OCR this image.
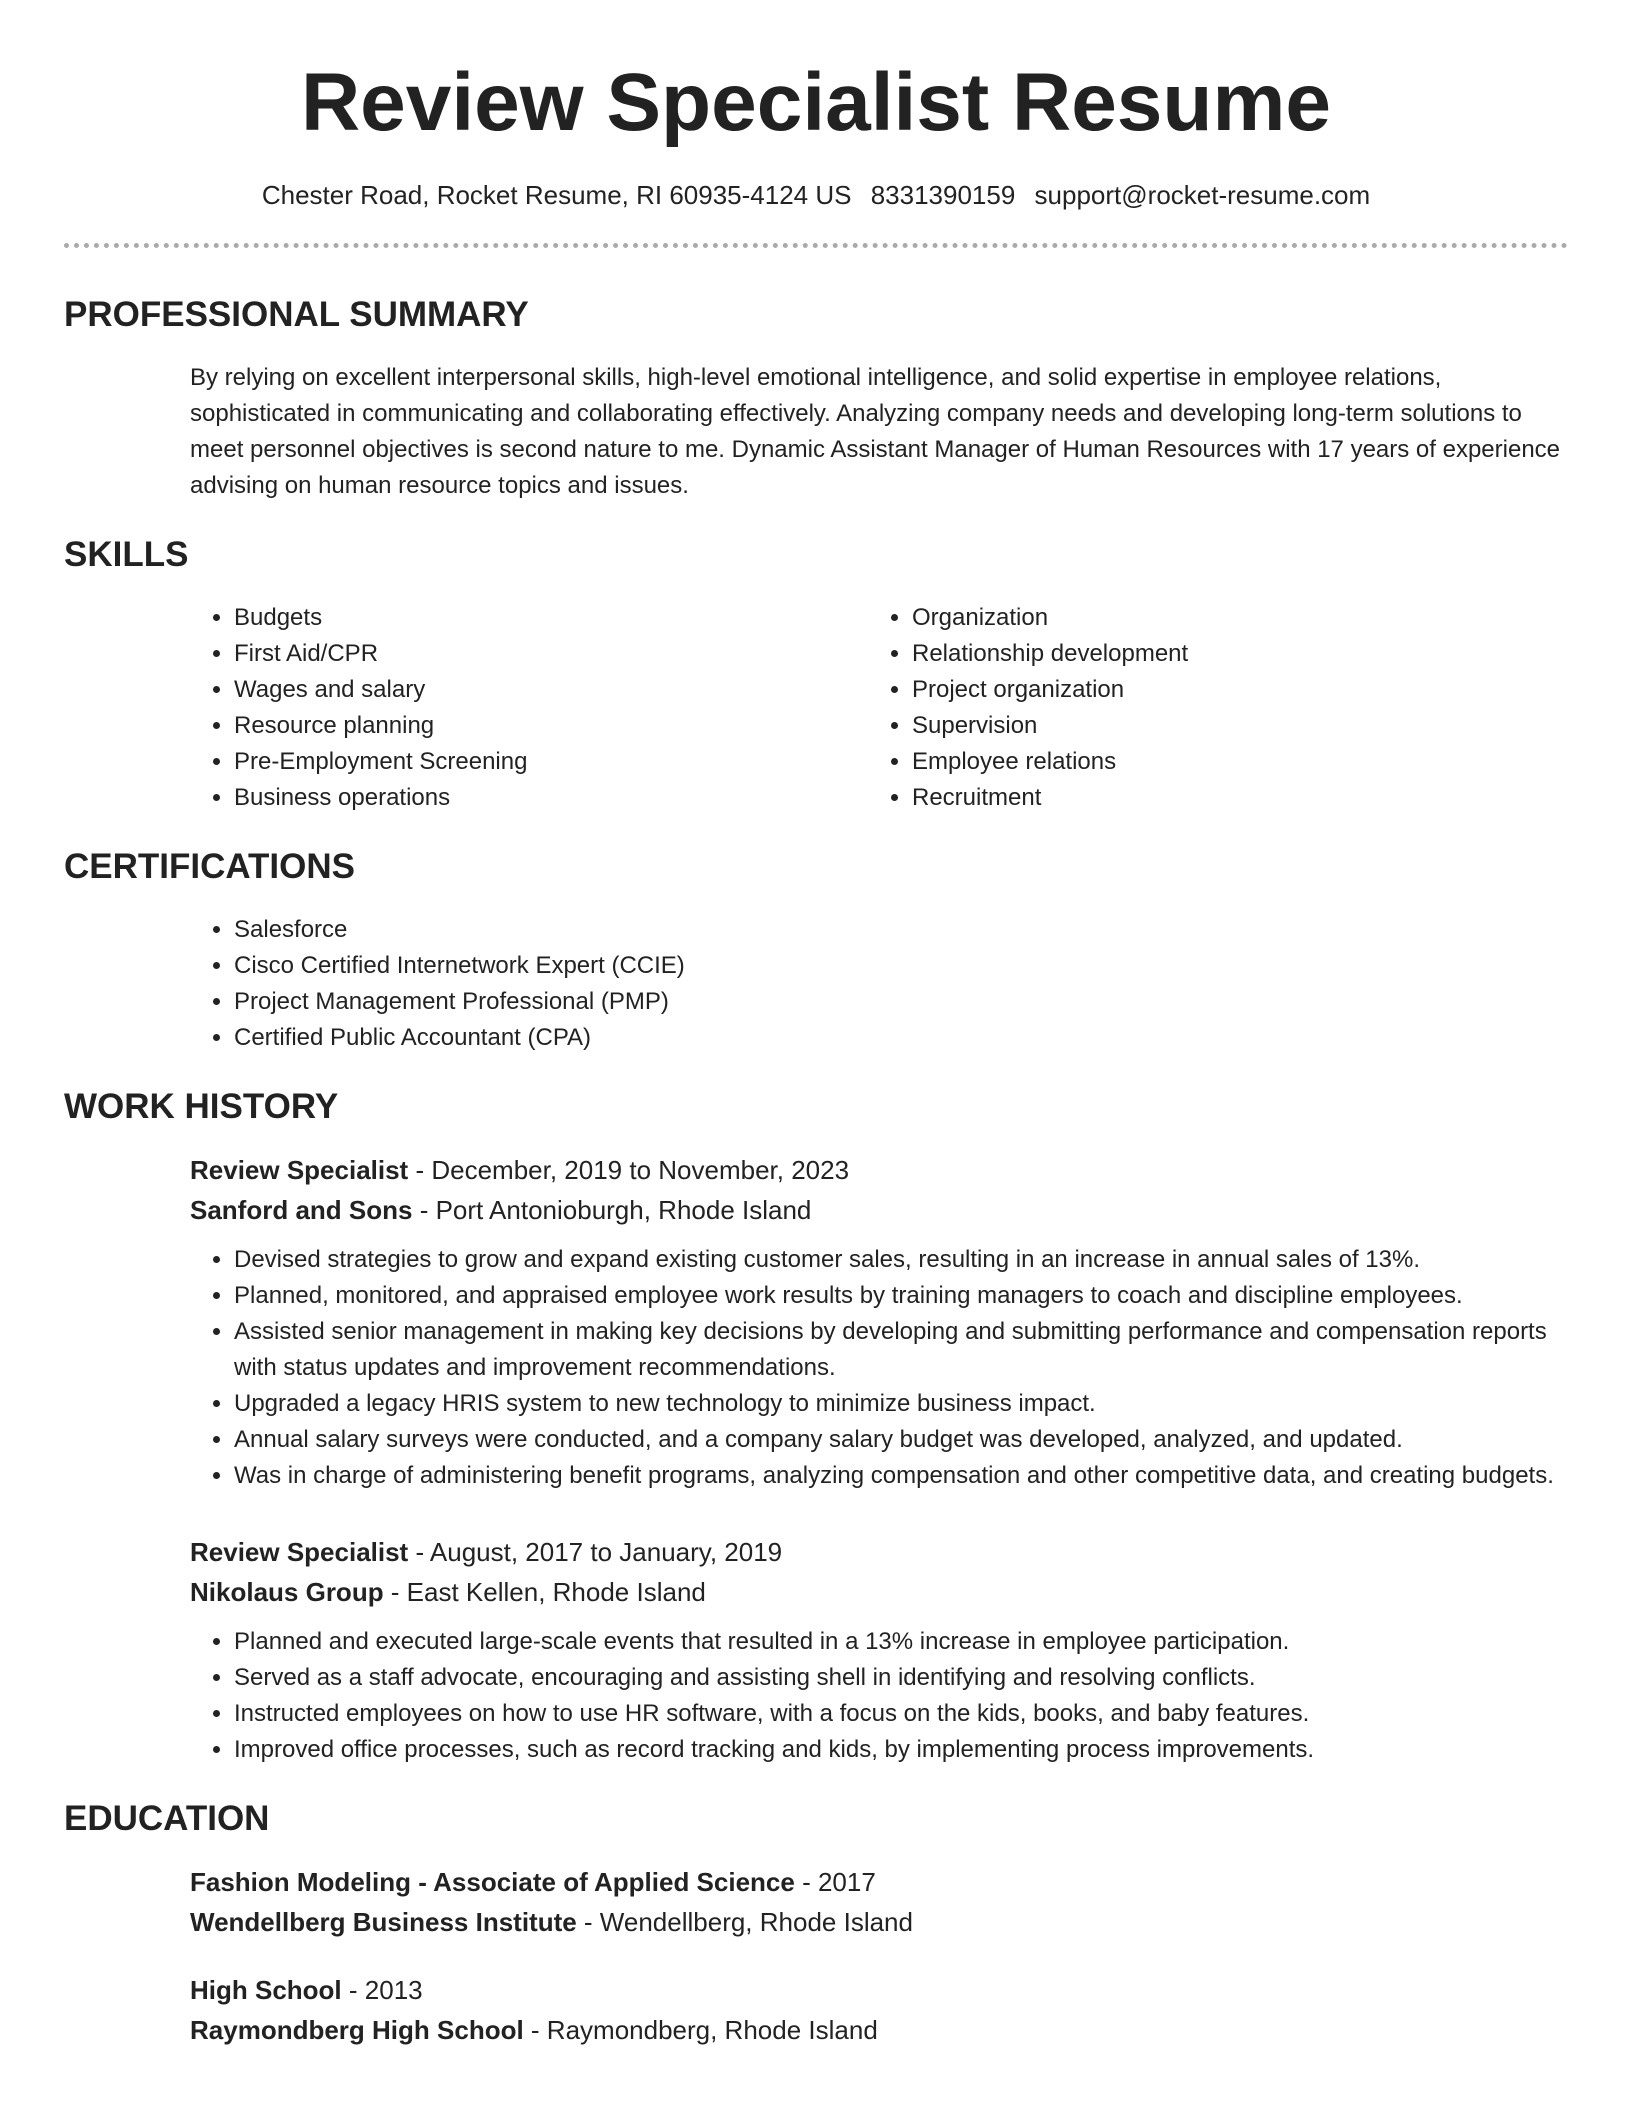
Review Specialist Resume
Chester Road, Rocket Resume, RI 60935-4124 US 8331390159 support@rocket-resume.com
PROFESSIONAL SUMMARY

By relying on excellent interpersonal skills, high-level emotional intelligence, and solid expertise in employee relations, sophisticated in communicating and collaborating effectively. Analyzing company needs and developing long-term solutions to meet personnel objectives is second nature to me. Dynamic Assistant Manager of Human Resources with 17 years of experience advising on human resource topics and issues.

SKILLS
• Budgets
• First Aid/CPR
• Wages and salary
• Resource planning
• Pre-Employment Screening
• Business operations
• Organization
• Relationship development
• Project organization
• Supervision
• Employee relations
• Recruitment
CERTIFICATIONS
• Salesforce
• Cisco Certified Internetwork Expert (CCIE)
• Project Management Professional (PMP)
• Certified Public Accountant (CPA)
WORK HISTORY
Review Specialist - December, 2019 to November, 2023
Sanford and Sons - Port Antonioburgh, Rhode Island
• Devised strategies to grow and expand existing customer sales, resulting in an increase in annual sales of 13%.
• Planned, monitored, and appraised employee work results by training managers to coach and discipline employees.
• Assisted senior management in making key decisions by developing and submitting performance and compensation reports with status updates and improvement recommendations.
• Upgraded a legacy HRIS system to new technology to minimize business impact.
• Annual salary surveys were conducted, and a company salary budget was developed, analyzed, and updated.
• Was in charge of administering benefit programs, analyzing compensation and other competitive data, and creating budgets.
Review Specialist - August, 2017 to January, 2019
Nikolaus Group - East Kellen, Rhode Island
• Planned and executed large-scale events that resulted in a 13% increase in employee participation.
• Served as a staff advocate, encouraging and assisting shell in identifying and resolving conflicts.
• Instructed employees on how to use HR software, with a focus on the kids, books, and baby features.
• Improved office processes, such as record tracking and kids, by implementing process improvements.
EDUCATION
Fashion Modeling - Associate of Applied Science - 2017
Wendellberg Business Institute - Wendellberg, Rhode Island
High School - 2013
Raymondberg High School - Raymondberg, Rhode Island
